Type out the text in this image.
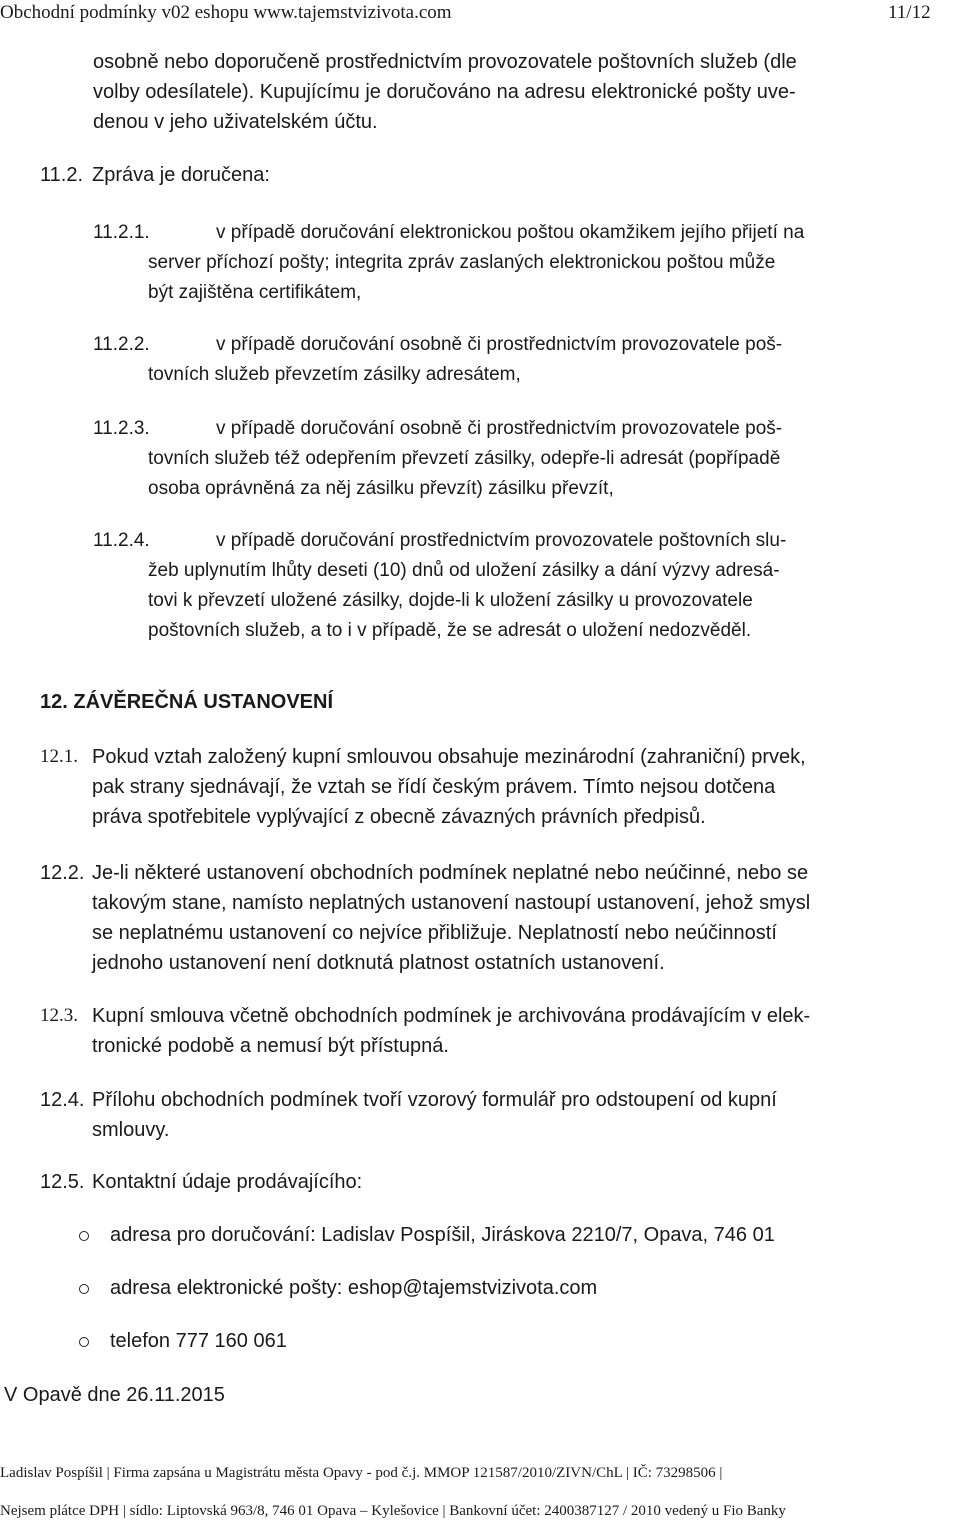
Obchodní podmínky v02 eshopu www.tajemstvizivota.com	11/12
osobně nebo doporučeně prostřednictvím provozovatele poštovních služeb (dle
volby odesílatele). Kupujícímu je doručováno na adresu elektronické pošty uve-
denou v jeho uživatelském účtu.
11.2. Zpráva je doručena:
11.2.1.	v případě doručování elektronickou poštou okamžikem jejího přijetí na
server příchozí pošty; integrita zpráv zaslaných elektronickou poštou může
být zajištěna certifikátem,
11.2.2.	v případě doručování osobně či prostřednictvím provozovatele poš-
tovních služeb převzetím zásilky adresátem,
11.2.3.	v případě doručování osobně či prostřednictvím provozovatele poš-
tovních služeb též odepřením převzetí zásilky, odepře-li adresát (popřípadě
osoba oprávněná za něj zásilku převzít) zásilku převzít,
11.2.4.	v případě doručování prostřednictvím provozovatele poštovních slu-
žeb uplynutím lhůty deseti (10) dnů od uložení zásilky a dání výzvy adresá-
tovi k převzetí uložené zásilky, dojde-li k uložení zásilky u provozovatele
poštovních služeb, a to i v případě, že se adresát o uložení nedozvěděl.
12. ZÁVĚREČNÁ USTANOVENÍ
12.1. Pokud vztah založený kupní smlouvou obsahuje mezinárodní (zahraniční) prvek,
pak strany sjednávají, že vztah se řídí českým právem. Tímto nejsou dotčena
práva spotřebitele vyplývající z obecně závazných právních předpisů.
12.2. Je-li některé ustanovení obchodních podmínek neplatné nebo neúčinné, nebo se
takovým stane, namísto neplatných ustanovení nastoupí ustanovení, jehož smysl
se neplatnému ustanovení co nejvíce přibližuje. Neplatností nebo neúčinností
jednoho ustanovení není dotknutá platnost ostatních ustanovení.
12.3. Kupní smlouva včetně obchodních podmínek je archivována prodávajícím v elek-
tronické podobě a nemusí být přístupná.
12.4. Přílohu obchodních podmínek tvoří vzorový formulář pro odstoupení od kupní
smlouvy.
12.5. Kontaktní údaje prodávajícího:
adresa pro doručování: Ladislav Pospíšil, Jiráskova 2210/7, Opava, 746 01
adresa elektronické pošty: eshop@tajemstvizivota.com
telefon 777 160 061
V Opavě dne 26.11.2015
Ladislav Pospíšil | Firma zapsána u Magistrátu města Opavy - pod č.j. MMOP 121587/2010/ZIVN/ChL | IČ: 73298506 |
Nejsem plátce DPH | sídlo: Liptovská 963/8, 746 01 Opava – Kylešovice | Bankovní účet: 2400387127 / 2010 vedený u Fio Banky
